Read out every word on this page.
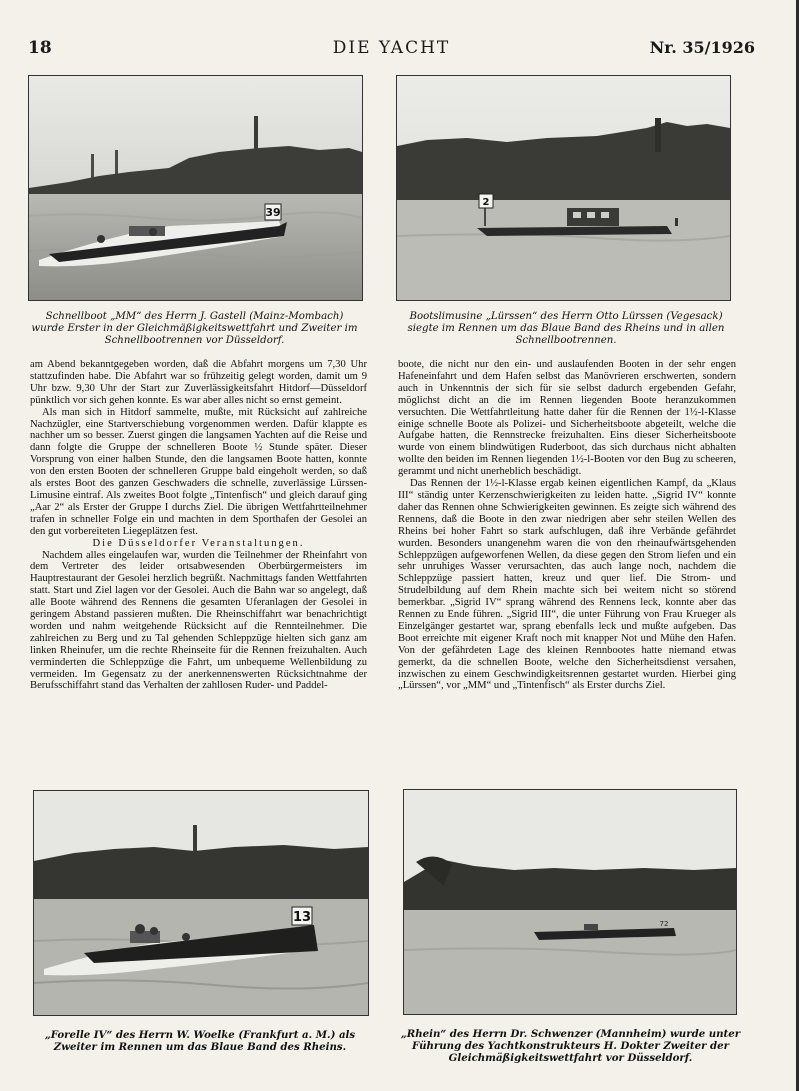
18	DIE YACHT	Nr. 35/1926
39
Schnellboot „MM“ des Herrn J. Gastell (Mainz-Mombach) wurde Erster in der Gleichmäßigkeitswettfahrt und Zweiter im Schnellbootrennen vor Düsseldorf.
2
Bootslimusine „Lürssen“ des Herrn Otto Lürssen (Vegesack) siegte im Rennen um das Blaue Band des Rheins und in allen Schnellbootrennen.

am Abend bekanntgegeben worden, daß die Abfahrt morgens um 7,30 Uhr stattzufinden habe. Die Abfahrt war so frühzeitig gelegt worden, damit um 9 Uhr bzw. 9,30 Uhr der Start zur Zuverlässigkeitsfahrt Hitdorf—Düsseldorf pünktlich vor sich gehen konnte. Es war aber alles nicht so ernst gemeint.

Als man sich in Hitdorf sammelte, mußte, mit Rücksicht auf zahlreiche Nachzügler, eine Startverschiebung vorgenommen werden. Dafür klappte es nachher um so besser. Zuerst gingen die langsamen Yachten auf die Reise und dann folgte die Gruppe der schnelleren Boote ½ Stunde später. Dieser Vorsprung von einer halben Stunde, den die langsamen Boote hatten, konnte von den ersten Booten der schnelleren Gruppe bald eingeholt werden, so daß als erstes Boot des ganzen Geschwaders die schnelle, zuverlässige Lürssen-Limusine eintraf. Als zweites Boot folgte „Tintenfisch“ und gleich darauf ging „Aar 2“ als Erster der Gruppe I durchs Ziel. Die übrigen Wettfahrtteilnehmer trafen in schneller Folge ein und machten in dem Sporthafen der Gesolei an den gut vorbereiteten Liegeplätzen fest.

Die Düsseldorfer Veranstaltungen.

Nachdem alles eingelaufen war, wurden die Teilnehmer der Rheinfahrt von dem Vertreter des leider ortsabwesenden Oberbürgermeisters im Hauptrestaurant der Gesolei herzlich begrüßt. Nachmittags fanden Wettfahrten statt. Start und Ziel lagen vor der Gesolei. Auch die Bahn war so angelegt, daß alle Boote während des Rennens die gesamten Uferanlagen der Gesolei in geringem Abstand passieren mußten. Die Rheinschiffahrt war benachrichtigt worden und nahm weitgehende Rücksicht auf die Rennteilnehmer. Die zahlreichen zu Berg und zu Tal gehenden Schleppzüge hielten sich ganz am linken Rheinufer, um die rechte Rheinseite für die Rennen freizuhalten. Auch verminderten die Schleppzüge die Fahrt, um unbequeme Wellenbildung zu vermeiden. Im Gegensatz zu der anerkennenswerten Rücksichtnahme der Berufsschiffahrt stand das Verhalten der zahllosen Ruder- und Paddel-

boote, die nicht nur den ein- und auslaufenden Booten in der sehr engen Hafeneinfahrt und dem Hafen selbst das Manövrieren erschwerten, sondern auch in Unkenntnis der sich für sie selbst dadurch ergebenden Gefahr, möglichst dicht an die im Rennen liegenden Boote heranzukommen versuchten. Die Wettfahrtleitung hatte daher für die Rennen der 1½-l-Klasse einige schnelle Boote als Polizei- und Sicherheitsboote abgeteilt, welche die Aufgabe hatten, die Rennstrecke freizuhalten. Eins dieser Sicherheitsboote wurde von einem blindwütigen Ruderboot, das sich durchaus nicht abhalten wollte den beiden im Rennen liegenden 1½-l-Booten vor den Bug zu scheeren, gerammt und nicht unerheblich beschädigt.

Das Rennen der 1½-l-Klasse ergab keinen eigentlichen Kampf, da „Klaus III“ ständig unter Kerzenschwierigkeiten zu leiden hatte. „Sigrid IV“ konnte daher das Rennen ohne Schwierigkeiten gewinnen. Es zeigte sich während des Rennens, daß die Boote in den zwar niedrigen aber sehr steilen Wellen des Rheins bei hoher Fahrt so stark aufschlugen, daß ihre Verbände gefährdet wurden. Besonders unangenehm waren die von den rheinaufwärtsgehenden Schleppzügen aufgeworfenen Wellen, da diese gegen den Strom liefen und ein sehr unruhiges Wasser verursachten, das auch lange noch, nachdem die Schleppzüge passiert hatten, kreuz und quer lief. Die Strom- und Strudelbildung auf dem Rhein machte sich bei weitem nicht so störend bemerkbar. „Sigrid IV“ sprang während des Rennens leck, konnte aber das Rennen zu Ende führen. „Sigrid III“, die unter Führung von Frau Krueger als Einzelgänger gestartet war, sprang ebenfalls leck und mußte aufgeben. Das Boot erreichte mit eigener Kraft noch mit knapper Not und Mühe den Hafen. Von der gefährdeten Lage des kleinen Rennbootes hatte niemand etwas gemerkt, da die schnellen Boote, welche den Sicherheitsdienst versahen, inzwischen zu einem Geschwindigkeitsrennen gestartet wurden. Hierbei ging „Lürssen“, vor „MM“ und „Tintenfisch“ als Erster durchs Ziel.

13
„Forelle IV“ des Herrn W. Woelke (Frankfurt a. M.) als Zweiter im Rennen um das Blaue Band des Rheins.
72
„Rhein“ des Herrn Dr. Schwenzer (Mannheim) wurde unter Führung des Yachtkonstrukteurs H. Dokter Zweiter der Gleichmäßigkeitswettfahrt vor Düsseldorf.
